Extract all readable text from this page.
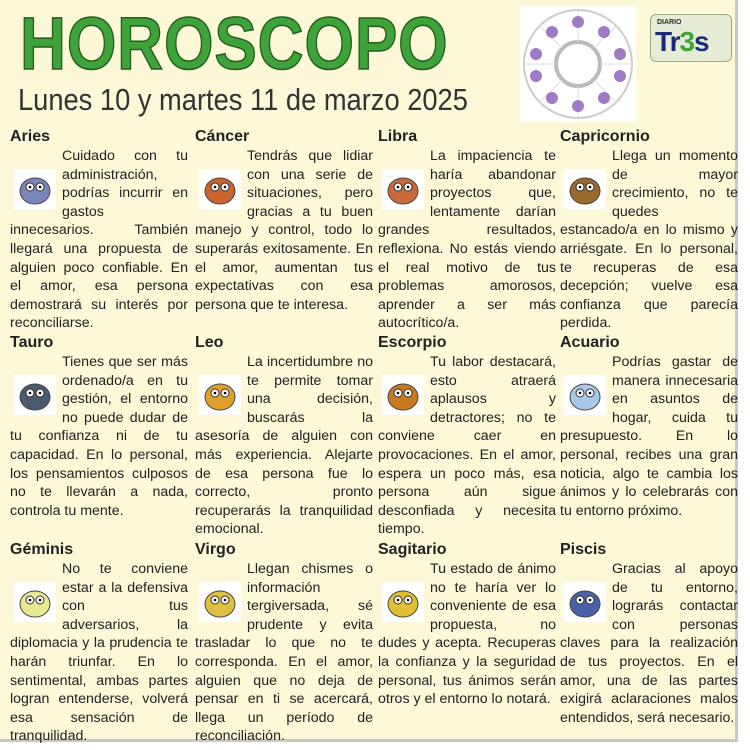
HOROSCOPO
Lunes 10 y martes 11 de marzo 2025
DIARIO
Tr3s
Aries

Cuidado con tu administración, podrías incurrir en gastos innecesarios. También llegará una propuesta de alguien poco confiable. En el amor, esa persona demostrará su interés por reconciliarse.

Cáncer

Tendrás que lidiar con una serie de situaciones, pero gracias a tu buen manejo y control, todo lo superarás exitosamente. En el amor, aumentan tus expectativas con esa persona que te interesa.

Libra

La impaciencia te haría abandonar proyectos que, lentamente darían grandes resultados, reflexiona. No estás viendo el real motivo de tus problemas amorosos, aprender a ser más autocrítico/a.

Capricornio

Llega un momento de mayor crecimiento, no te quedes estancado/a en lo mismo y arriésgate. En lo personal, te recuperas de esa decepción; vuelve esa confianza que parecía perdida.

Tauro

Tienes que ser más ordenado/a en tu gestión, el entorno no puede dudar de tu confianza ni de tu capacidad. En lo personal, los pensamientos culposos no te llevarán a nada, controla tu mente.

Leo

La incertidumbre no te permite tomar una decisión, buscarás la asesoría de alguien con más experiencia. Alejarte de esa persona fue lo correcto, pronto recuperarás la tranquilidad emocional.

Escorpio

Tu labor destacará, esto atraerá aplausos y detractores; no te conviene caer en provocaciones. En el amor, espera un poco más, esa persona aún sigue desconfiada y necesita tiempo.

Acuario

Podrías gastar de manera innecesaria en asuntos de hogar, cuida tu presupuesto. En lo personal, recibes una gran noticia, algo te cambia los ánimos y lo celebrarás con tu entorno próximo.

Géminis

No te conviene estar a la defensiva con tus adversarios, la diplomacia y la prudencia te harán triunfar. En lo sentimental, ambas partes logran entenderse, volverá esa sensación de tranquilidad.

Virgo

Llegan chismes o información tergiversada, sé prudente y evita trasladar lo que no te corresponda. En el amor, alguien que no deja de pensar en ti se acercará, llega un período de reconciliación.

Sagitario

Tu estado de ánimo no te haría ver lo conveniente de esa propuesta, no dudes y acepta. Recuperas la confianza y la seguridad personal, tus ánimos serán otros y el entorno lo notará.

Piscis

Gracias al apoyo de tu entorno, lograrás contactar con personas claves para la realización de tus proyectos. En el amor, una de las partes exigirá aclaraciones malos entendidos, será necesario.
